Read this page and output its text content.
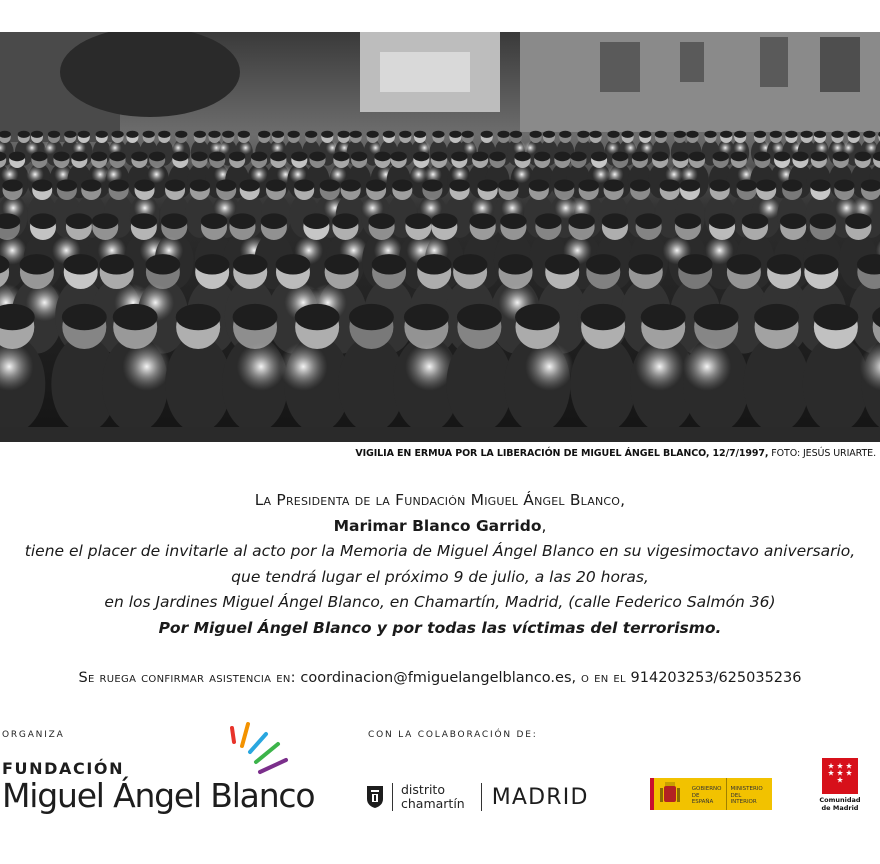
VIGILIA EN ERMUA POR LA LIBERACIÓN DE MIGUEL ÁNGEL BLANCO, 12/7/1997, FOTO: JESÚS URIARTE.
La Presidenta de la Fundación Miguel Ángel Blanco,
Marimar Blanco Garrido,
tiene el placer de invitarle al acto por la Memoria de Miguel Ángel Blanco en su vigesimoctavo aniversario,
que tendrá lugar el próximo 9 de julio, a las 20 horas,
en los Jardines Miguel Ángel Blanco, en Chamartín, Madrid, (calle Federico Salmón 36)
Por Miguel Ángel Blanco y por todas las víctimas del terrorismo.
Se ruega confirmar asistencia en: coordinacion@fmiguelangelblanco.es, o en el 914203253/625035236
ORGANIZA
FUNDACIÓN
Miguel Ángel Blanco
CON LA COLABORACIÓN DE:
distrito
chamartín MADRID	GOBIERNO
DE ESPAÑA
MINISTERIO
DEL INTERIOR	Comunidad
de Madrid
